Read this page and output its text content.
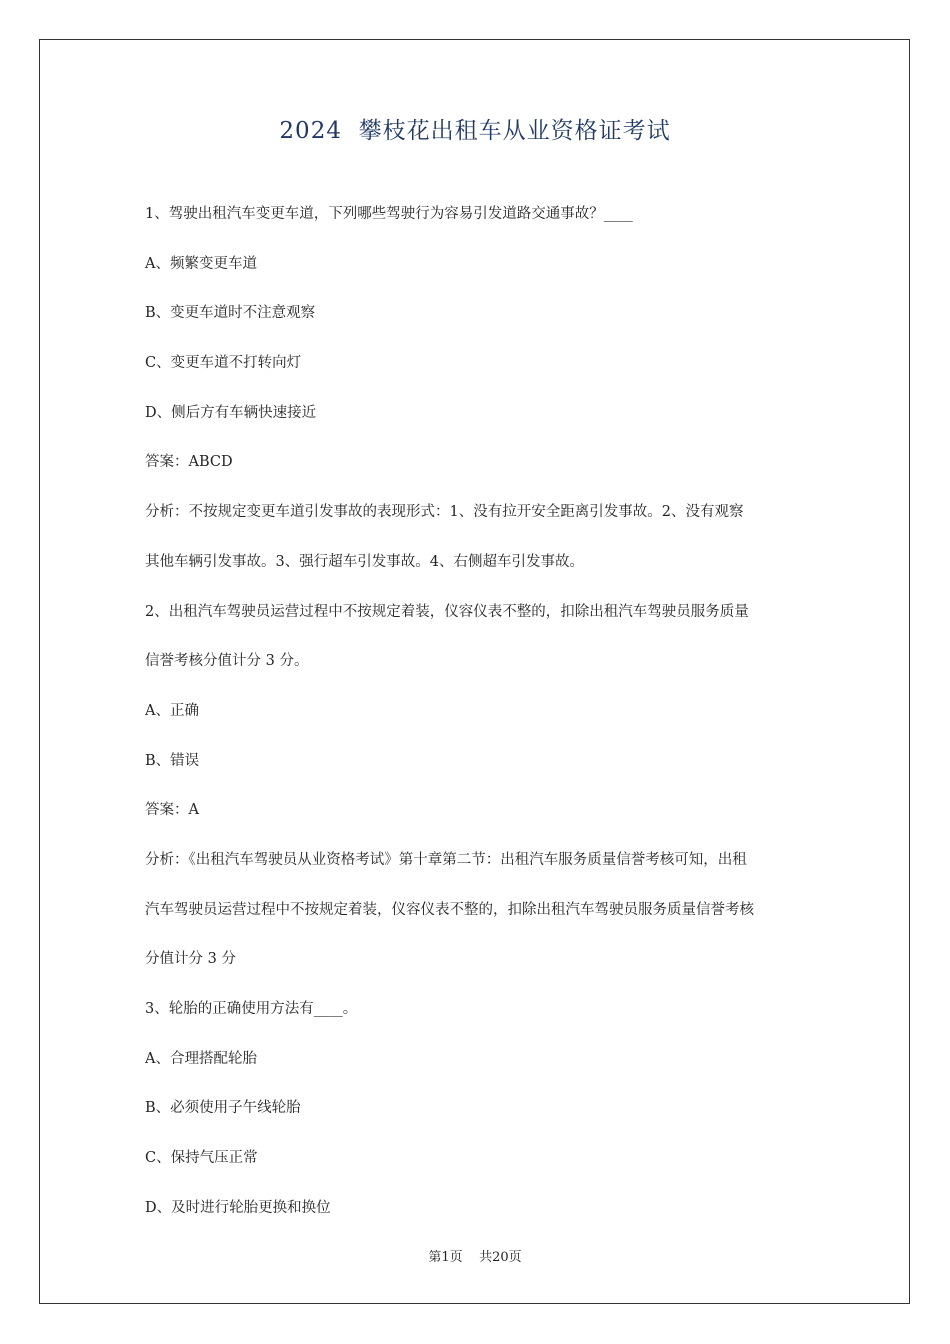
2024  攀枝花出租车从业资格证考试
1、驾驶出租汽车变更车道，下列哪些驾驶行为容易引发道路交通事故？____
A、频繁变更车道
B、变更车道时不注意观察
C、变更车道不打转向灯
D、侧后方有车辆快速接近
答案：ABCD
分析：不按规定变更车道引发事故的表现形式：1、没有拉开安全距离引发事故。2、没有观察
其他车辆引发事故。3、强行超车引发事故。4、右侧超车引发事故。
2、出租汽车驾驶员运营过程中不按规定着装，仪容仪表不整的，扣除出租汽车驾驶员服务质量
信誉考核分值计分 3 分。
A、正确
B、错误
答案：A
分析：《出租汽车驾驶员从业资格考试》第十章第二节：出租汽车服务质量信誉考核可知，出租
汽车驾驶员运营过程中不按规定着装，仪容仪表不整的，扣除出租汽车驾驶员服务质量信誉考核
分值计分 3 分
3、轮胎的正确使用方法有____。
A、合理搭配轮胎
B、必须使用子午线轮胎
C、保持气压正常
D、及时进行轮胎更换和换位
第1页    共20页
